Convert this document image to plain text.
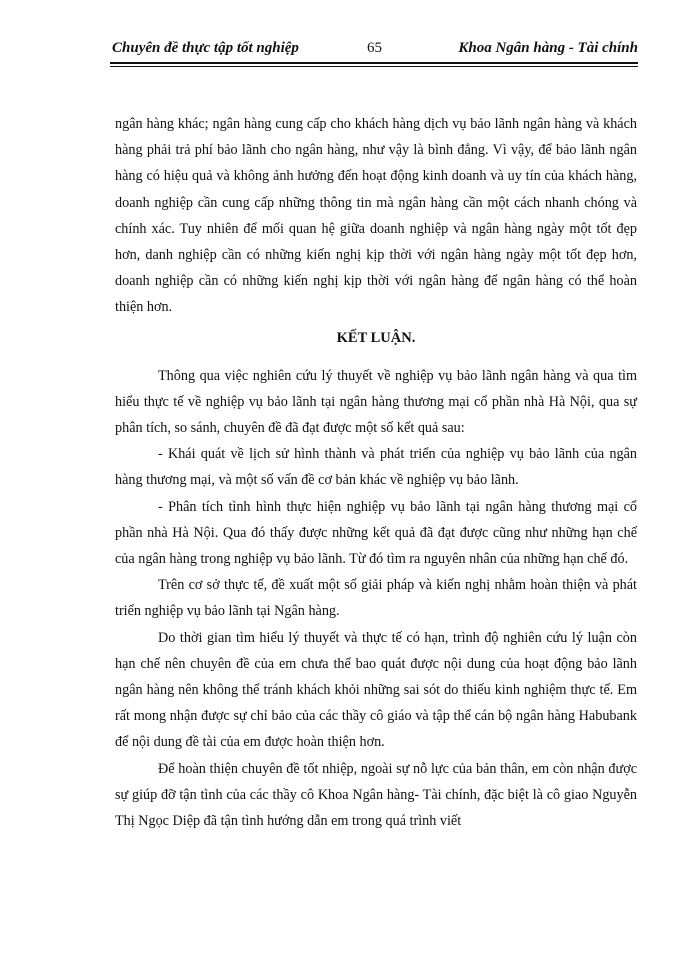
Chuyên đề thực tập tốt nghiệp	65	Khoa Ngân hàng - Tài chính

ngân hàng khác; ngân hàng cung cấp cho khách hàng dịch vụ bảo lãnh ngân hàng và khách hàng phải trả phí bảo lãnh cho ngân hàng, như vậy là bình đẳng. Vì vậy, để bảo lãnh ngân hàng có hiệu quả và không ảnh hưởng đến hoạt động kinh doanh và uy tín của khách hàng, doanh nghiệp cần cung cấp những thông tin mà ngân hàng cần một cách nhanh chóng và chính xác. Tuy nhiên để mối quan hệ giữa doanh nghiệp và ngân hàng ngày một tốt đẹp hơn, danh nghiệp cần có những kiến nghị kịp thời với ngân hàng ngày một tốt đẹp hơn, doanh nghiệp cần có những kiến nghị kịp thời với ngân hàng để ngân hàng có thể hoàn thiện hơn.

KẾT LUẬN.

Thông qua việc nghiên cứu lý thuyết về nghiệp vụ bảo lãnh ngân hàng và qua tìm hiểu thực tế về nghiệp vụ bảo lãnh tại ngân hàng thương mại cổ phần nhà Hà Nội, qua sự phân tích, so sánh, chuyên đề đã đạt được một số kết quả sau:

- Khái quát về lịch sử hình thành và phát triển của nghiệp vụ bảo lãnh của ngân hàng thương mại, và một số vấn đề cơ bản khác về nghiệp vụ bảo lãnh.

- Phân tích tình hình thực hiện nghiệp vụ bảo lãnh tại ngân hàng thương mại cổ phần nhà Hà Nội. Qua đó thấy được những kết quả đã đạt được cũng như những hạn chế của ngân hàng trong nghiệp vụ bảo lãnh. Từ đó tìm ra nguyên nhân của những hạn chế đó.

Trên cơ sở thực tế, đề xuất một số giải pháp và kiến nghị nhằm hoàn thiện và phát triển nghiệp vụ bảo lãnh tại Ngân hàng.

Do thời gian tìm hiểu lý thuyết và thực tế có hạn, trình độ nghiên cứu lý luận còn hạn chế nên chuyên đề của em chưa thể bao quát được nội dung của hoạt động bảo lãnh ngân hàng nên không thể tránh khách khỏi những sai sót do thiếu kinh nghiệm thực tế. Em rất mong nhận được sự chỉ bảo của các thầy cô giáo và tập thể cán bộ ngân hàng Habubank để nội dung đề tài của em được hoàn thiện hơn.

Để hoàn thiện chuyên đề tốt nhiệp, ngoài sự nỗ lực của bản thân, em còn nhận được sự giúp đỡ tận tình của các thầy cô Khoa Ngân hàng- Tài chính, đặc biệt là cô giao Nguyễn Thị Ngọc Diệp đã tận tình hướng dẫn em trong quá trình viết
